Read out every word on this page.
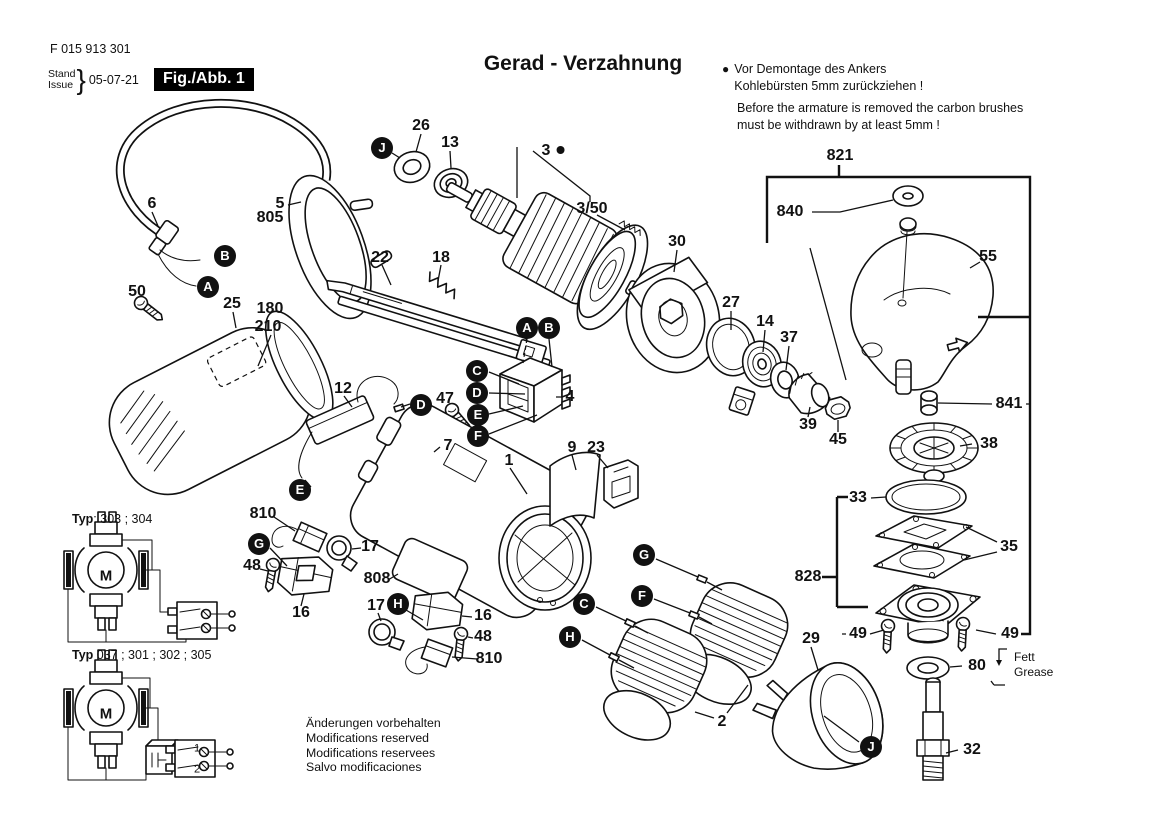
F 015 913 301
Stand
Issue } 05-07-21	Fig./Abb. 1
Gerad - Verzahnung	● Vor Demontage des Ankers
Kohlebürsten 5mm zurückziehen !
Before the armature is removed the carbon brushes
must be withdrawn by at least 5mm !
Typ: 303 ; 304
Typ 037 ; 301 ; 302 ; 305	Fett
Grease
Änderungen vorbehalten
Modifications reserved
Modifications reservees
Salvo modificaciones
6	5
805
50
25 180
210
26
13	3
3/50
22	18
30
27
14
37
39
45
821
840
55
841
38
33
35
828
49	49
80
32
29
12
47
7
4
1
9 23
810
48
16
17
808
17
16
48
810
2
B
A
J
A B
C
D
E
F
D
E
G
H
G
F
C
H
J
M
M
1
2
